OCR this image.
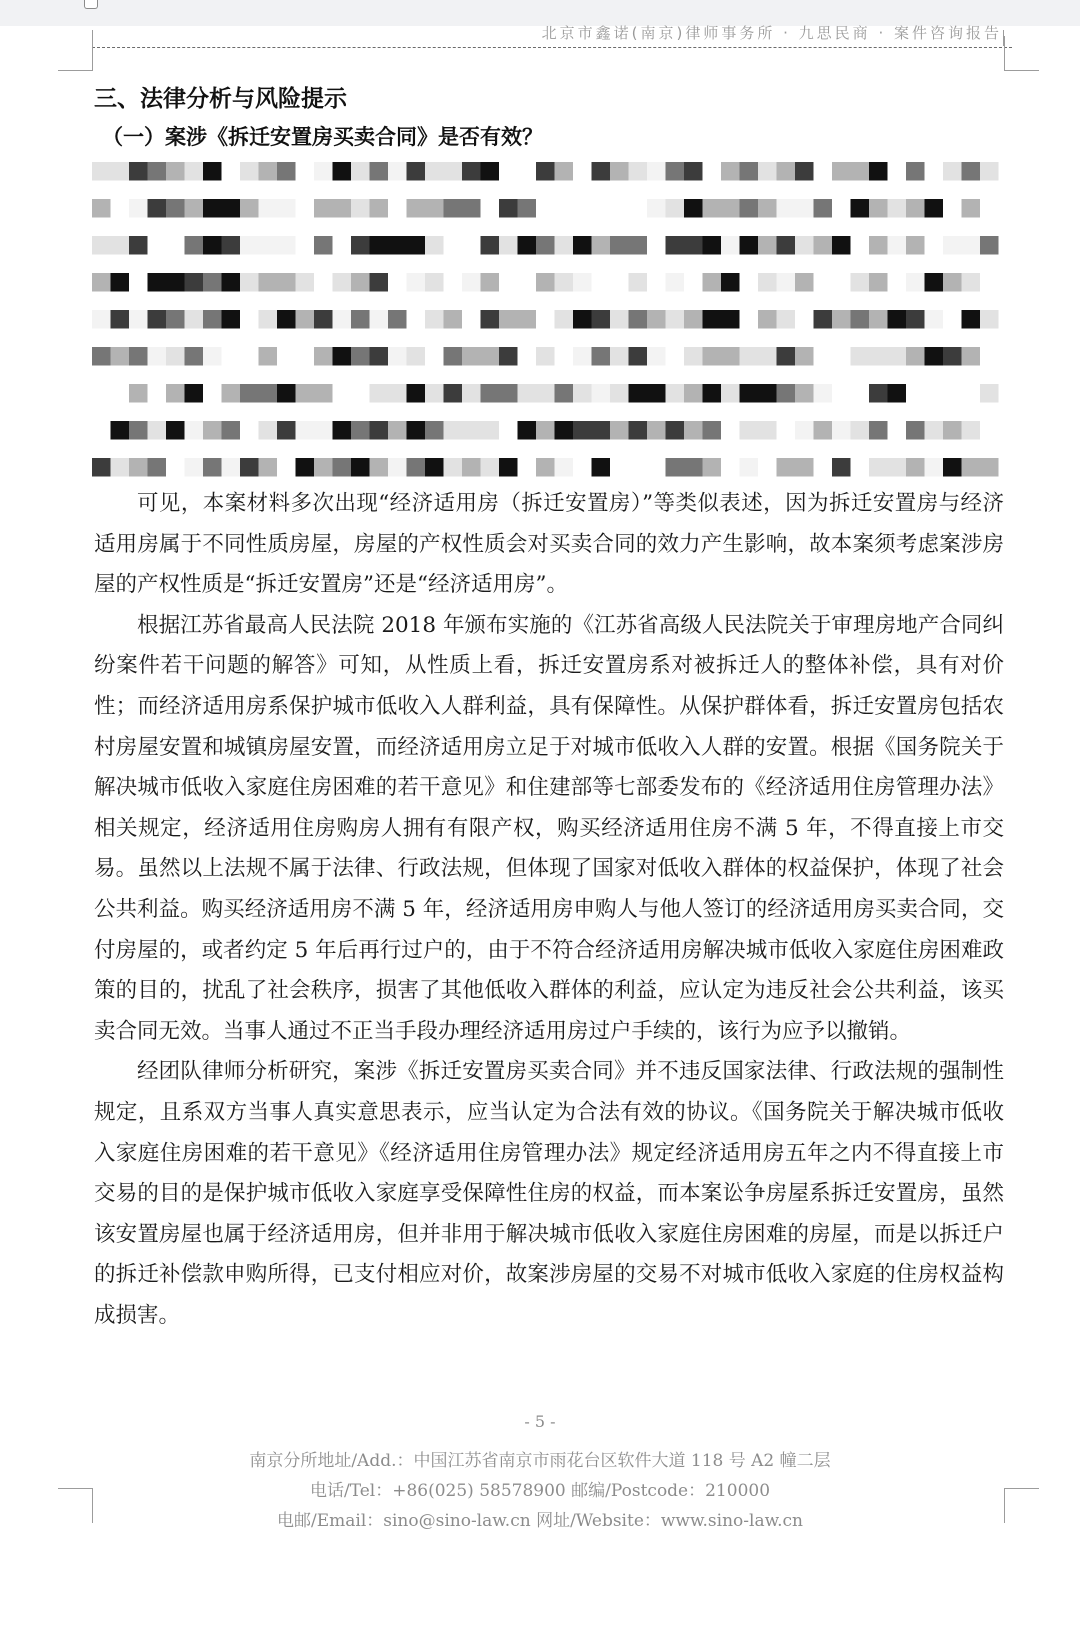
北京市鑫诺(南京)律师事务所 · 九思民商 · 案件咨询报告
三、法律分析与风险提示
（一）案涉《拆迁安置房买卖合同》是否有效？

可见，本案材料多次出现“经济适用房（拆迁安置房）”等类似表述，因为拆迁安置房与经济适用房属于不同性质房屋，房屋的产权性质会对买卖合同的效力产生影响，故本案须考虑案涉房屋的产权性质是“拆迁安置房”还是“经济适用房”。

根据江苏省最高人民法院 2018 年颁布实施的《江苏省高级人民法院关于审理房地产合同纠纷案件若干问题的解答》可知，从性质上看，拆迁安置房系对被拆迁人的整体补偿，具有对价性；而经济适用房系保护城市低收入人群利益，具有保障性。从保护群体看，拆迁安置房包括农村房屋安置和城镇房屋安置，而经济适用房立足于对城市低收入人群的安置。根据《国务院关于解决城市低收入家庭住房困难的若干意见》和住建部等七部委发布的《经济适用住房管理办法》相关规定，经济适用住房购房人拥有有限产权，购买经济适用住房不满 5 年，不得直接上市交易。虽然以上法规不属于法律、行政法规，但体现了国家对低收入群体的权益保护，体现了社会公共利益。购买经济适用房不满 5 年，经济适用房申购人与他人签订的经济适用房买卖合同，交付房屋的，或者约定 5 年后再行过户的，由于不符合经济适用房解决城市低收入家庭住房困难政策的目的，扰乱了社会秩序，损害了其他低收入群体的利益，应认定为违反社会公共利益，该买卖合同无效。当事人通过不正当手段办理经济适用房过户手续的，该行为应予以撤销。

经团队律师分析研究，案涉《拆迁安置房买卖合同》并不违反国家法律、行政法规的强制性规定，且系双方当事人真实意思表示，应当认定为合法有效的协议。《国务院关于解决城市低收入家庭住房困难的若干意见》《经济适用住房管理办法》规定经济适用房五年之内不得直接上市交易的目的是保护城市低收入家庭享受保障性住房的权益，而本案讼争房屋系拆迁安置房，虽然该安置房屋也属于经济适用房，但并非用于解决城市低收入家庭住房困难的房屋，而是以拆迁户的拆迁补偿款申购所得，已支付相应对价，故案涉房屋的交易不对城市低收入家庭的住房权益构成损害。

- 5 -
南京分所地址/Add.：中国江苏省南京市雨花台区软件大道 118 号 A2 幢二层
电话/Tel：+86(025) 58578900 邮编/Postcode：210000
电邮/Email：sino@sino-law.cn 网址/Website：www.sino-law.cn
